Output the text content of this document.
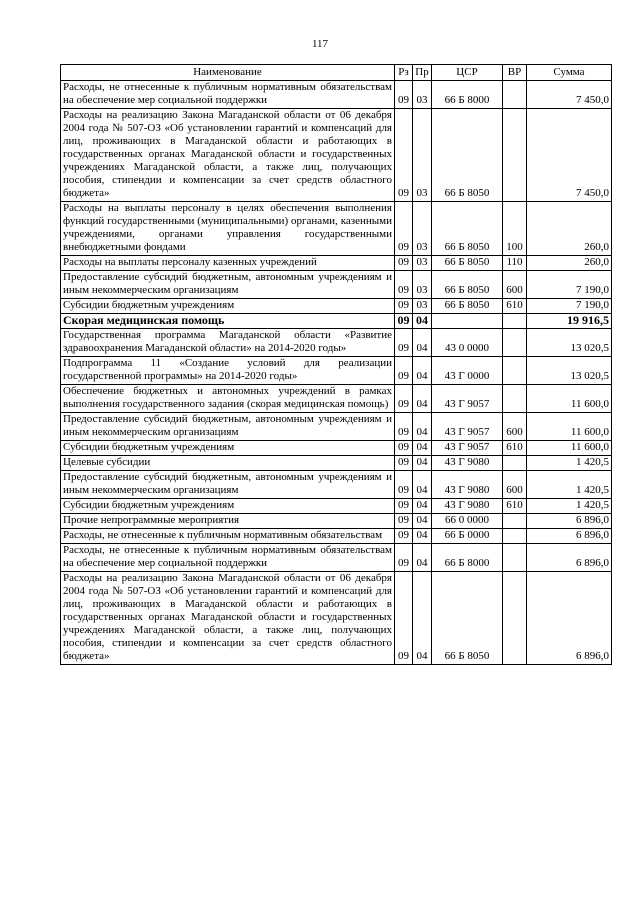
117
Наименование	Рз	Пр	ЦСР	ВР	Сумма
Расходы, не отнесенные к публичным нормативным обязательствам на обеспечение мер социальной поддержки	09	03	66 Б 8000		7 450,0
Расходы на реализацию Закона Магаданской области от 06 декабря 2004 года № 507-ОЗ «Об установлении гарантий и компенсаций для лиц, проживающих в Магаданской области и работающих в государственных органах Магаданской области и государственных учреждениях Магаданской области, а также лиц, получающих пособия, стипендии и компенсации за счет средств областного бюджета»	09	03	66 Б 8050		7 450,0
Расходы на выплаты персоналу в целях обеспечения выполнения функций государственными (муниципальными) органами, казенными учреждениями, органами управления государственными внебюджетными фондами	09	03	66 Б 8050	100	260,0
Расходы на выплаты персоналу казенных учреждений	09	03	66 Б 8050	110	260,0
Предоставление субсидий бюджетным, автономным учреждениям и иным некоммерческим организациям	09	03	66 Б 8050	600	7 190,0
Субсидии бюджетным учреждениям	09	03	66 Б 8050	610	7 190,0
Скорая медицинская помощь	09	04			19 916,5
Государственная программа Магаданской области «Развитие здравоохранения Магаданской области» на 2014-2020 годы»	09	04	43 0 0000		13 020,5
Подпрограмма 11 «Создание условий для реализации государственной программы» на 2014-2020 годы»	09	04	43 Г 0000		13 020,5
Обеспечение бюджетных и автономных учреждений в рамках выполнения государственного задания (скорая медицинская помощь)	09	04	43 Г 9057		11 600,0
Предоставление субсидий бюджетным, автономным учреждениям и иным некоммерческим организациям	09	04	43 Г 9057	600	11 600,0
Субсидии бюджетным учреждениям	09	04	43 Г 9057	610	11 600,0
Целевые субсидии	09	04	43 Г 9080		1 420,5
Предоставление субсидий бюджетным, автономным учреждениям и иным некоммерческим организациям	09	04	43 Г 9080	600	1 420,5
Субсидии бюджетным учреждениям	09	04	43 Г 9080	610	1 420,5
Прочие непрограммные мероприятия	09	04	66 0 0000		6 896,0
Расходы, не отнесенные к публичным нормативным обязательствам	09	04	66 Б 0000		6 896,0
Расходы, не отнесенные к публичным нормативным обязательствам на обеспечение мер социальной поддержки	09	04	66 Б 8000		6 896,0
Расходы на реализацию Закона Магаданской области от 06 декабря 2004 года № 507-ОЗ «Об установлении гарантий и компенсаций для лиц, проживающих в Магаданской области и работающих в государственных органах Магаданской области и государственных учреждениях Магаданской области, а также лиц, получающих пособия, стипендии и компенсации за счет средств областного бюджета»	09	04	66 Б 8050		6 896,0
